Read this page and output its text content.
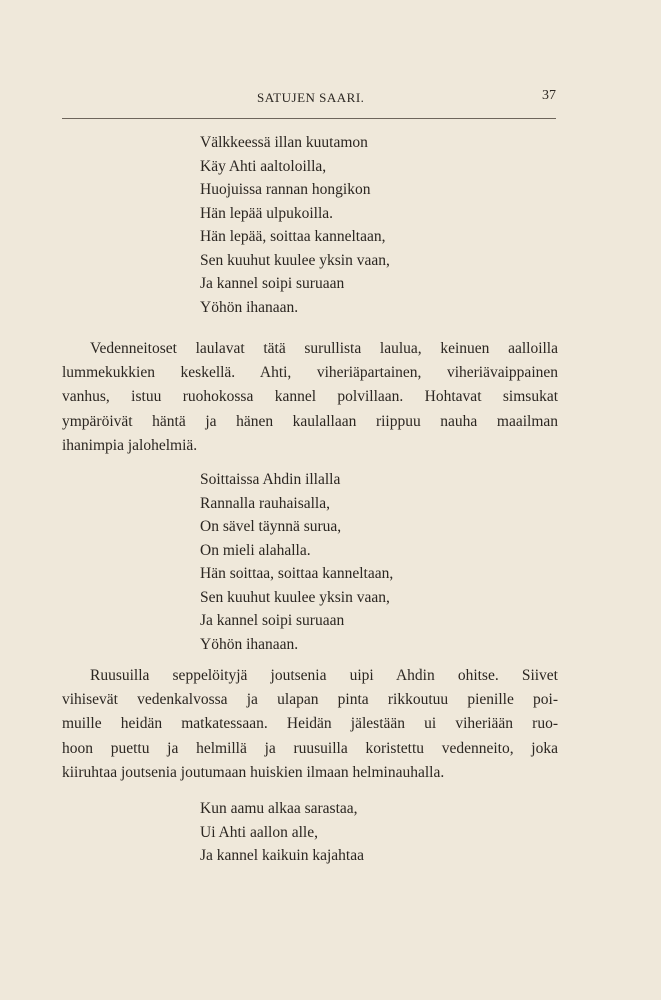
SATUJEN SAARI.	37
Välkkeessä illan kuutamon
Käy Ahti aaltoloilla,
Huojuissa rannan hongikon
Hän lepää ulpukoilla.
Hän lepää, soittaa kanneltaan,
Sen kuuhut kuulee yksin vaan,
Ja kannel soipi suruaan
Yöhön ihanaan.
Vedenneitoset laulavat tätä surullista laulua, keinuen aalloilla
lummekukkien keskellä. Ahti, viheriäpartainen, viheriävaippainen
vanhus, istuu ruohokossa kannel polvillaan. Hohtavat simsukat
ympäröivät häntä ja hänen kaulallaan riippuu nauha maailman
ihanimpia jalohelmiä.
Soittaissa Ahdin illalla
Rannalla rauhaisalla,
On sävel täynnä surua,
On mieli alahalla.
Hän soittaa, soittaa kanneltaan,
Sen kuuhut kuulee yksin vaan,
Ja kannel soipi suruaan
Yöhön ihanaan.
Ruusuilla seppelöityjä joutsenia uipi Ahdin ohitse. Siivet
vihisevät vedenkalvossa ja ulapan pinta rikkoutuu pienille poi-
muille heidän matkatessaan. Heidän jälestään ui viheriään ruo-
hoon puettu ja helmillä ja ruusuilla koristettu vedenneito, joka
kiiruhtaa joutsenia joutumaan huiskien ilmaan helminauhalla.
Kun aamu alkaa sarastaa,
Ui Ahti aallon alle,
Ja kannel kaikuin kajahtaa
